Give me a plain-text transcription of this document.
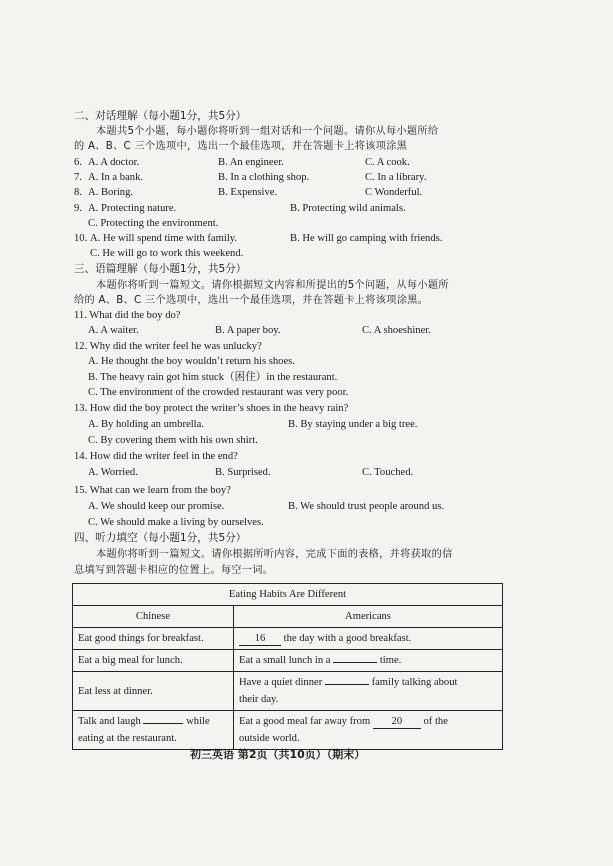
二、对话理解（每小题1分，共5分）
本题共5个小题，每小题你将听到一组对话和一个问题。请你从每小题所给
的 A、B、C 三个选项中，选出一个最佳选项，并在答题卡上将该项涂黑
6. A. A doctor.	B. An engineer.	C. A cook.
7. A. In a bank.	B. In a clothing shop.	C. In a library.
8. A. Boring.	B. Expensive.	C Wonderful.
9. A. Protecting nature.	B. Protecting wild animals.
C. Protecting the environment.
10. A. He will spend time with family.	B. He will go camping with friends.
C. He will go to work this weekend.
三、语篇理解（每小题1分，共5分）
本题你将听到一篇短文。请你根据短文内容和所提出的5个问题，从每小题所
给的 A、B、C 三个选项中，选出一个最佳选项，并在答题卡上将该项涂黑。
11. What did the boy do?
A. A waiter.	B. A paper boy.	C. A shoeshiner.
12. Why did the writer feel he was unlucky?
A. He thought the boy wouldn’t return his shoes.
B. The heavy rain got him stuck（困住）in the restaurant.
C. The environment of the crowded restaurant was very poor.
13. How did the boy protect the writer’s shoes in the heavy rain?
A. By holding an umbrella.	B. By staying under a big tree.
C. By covering them with his own shirt.
14. How did the writer feel in the end?
A. Worried.	B. Surprised.	C. Touched.
15. What can we learn from the boy?
A. We should keep our promise.	B. We should trust people around us.
C. We should make a living by ourselves.
四、听力填空（每小题1分，共5分）
本题你将听到一篇短文。请你根据所听内容，完成下面的表格，并将获取的信
息填写到答题卡相应的位置上。每空一词。
Eating Habits Are Different	
Chinese	Americans
Eat good things for breakfast.	16 the day with a good breakfast.
Eat a big meal for lunch.	Eat a small lunch in a time.
Eat less at dinner.	Have a quiet dinner family talking about
their day.
Talk and laugh while
eating at the restaurant.	Eat a good meal far away from 20 of the
outside world.
初三英语 第2页（共10页）（期末）
